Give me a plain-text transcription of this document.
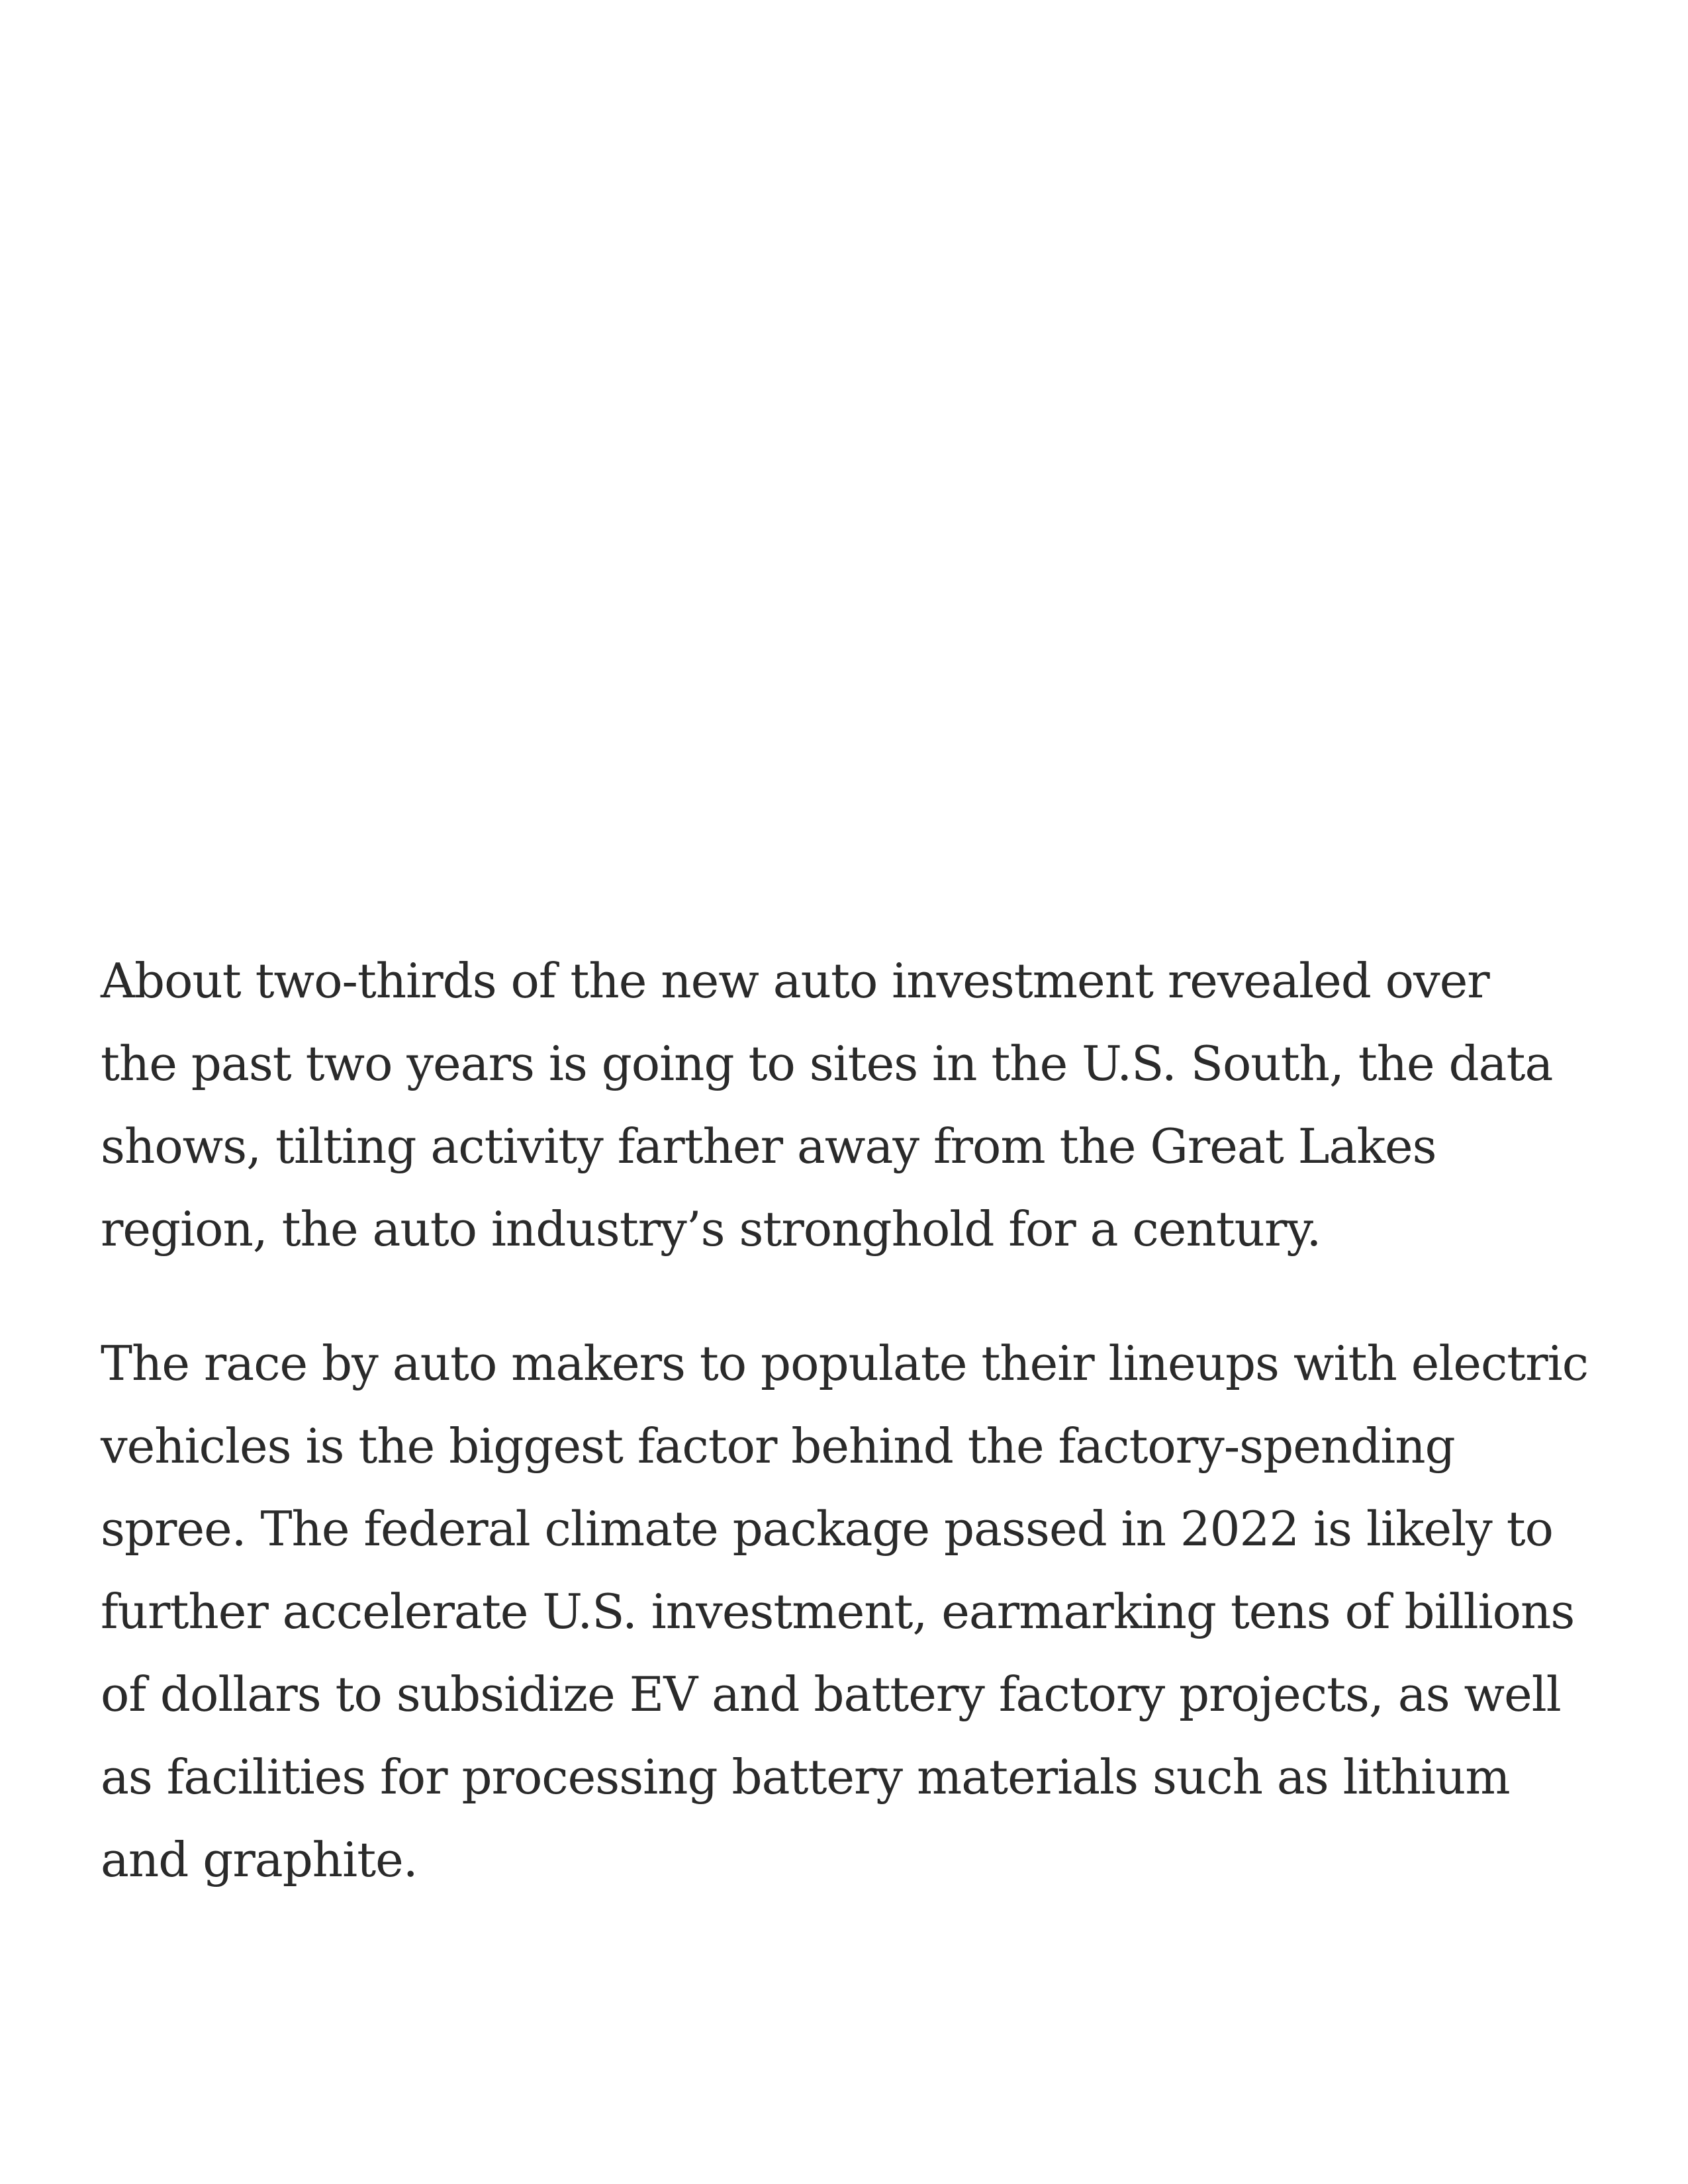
About two-thirds of the new auto investment revealed over
the past two years is going to sites in the U.S. South, the data
shows, tilting activity farther away from the Great Lakes
region, the auto industry’s stronghold for a century.

The race by auto makers to populate their lineups with electric
vehicles is the biggest factor behind the factory-spending
spree. The federal climate package passed in 2022 is likely to
further accelerate U.S. investment, earmarking tens of billions
of dollars to subsidize EV and battery factory projects, as well
as facilities for processing battery materials such as lithium
and graphite.
